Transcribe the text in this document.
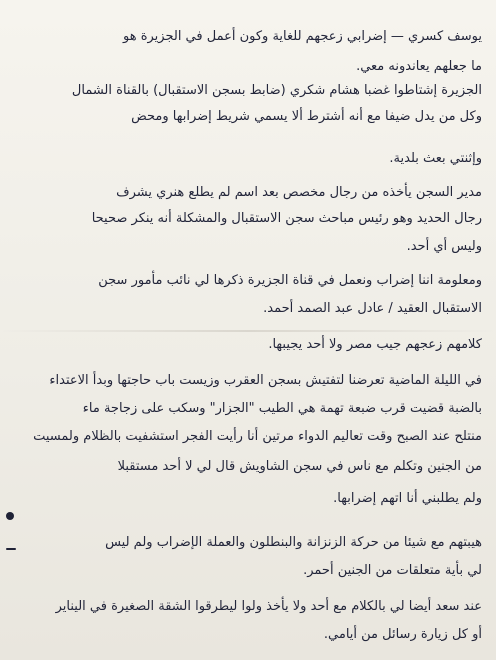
يوسف كسري — إضرابي زعجهم للغاية وكون أعمل في الجزيرة هو
ما جعلهم يعاندونه معي.
الجزيرة إشتاطوا غضبا هشام شكري (ضابط بسجن الاستقبال) بالقناة الشمال
وكل من يدل ضيفا مع أنه أشترط ألا يسمي شريط إضرابها ومحض
وإثنتي بعث بلدية.
مدير السجن يأخذه من رجال مخصص بعد اسم لم يطلع هنري يشرف
رجال الحديد وهو رئيس مباحث سجن الاستقبال والمشكلة أنه ينكر صحيحا
وليس أي أحد.
ومعلومة اننا إضراب ونعمل في قناة الجزيرة ذكرها لي نائب مأمور سجن
الاستقبال العقيد / عادل عبد الصمد أحمد.
كلامهم زعجهم جيب مصر ولا أحد يجيبها.
في الليلة الماضية تعرضنا لتفتيش بسجن العقرب وزيست باب حاجتها وبدأ الاعتداء
بالضبة قضيت قرب ضبعة تهمة هي الطيب "الجزار" وسكب على زجاجة ماء
منتلح عند الصبح وقت تعاليم الدواء مرتين أنا رأيت الفجر استشفيت بالظلام ولمسيت
من الجنين وتكلم مع ناس في سجن الشاويش قال لي لا أحد مستقبلا
ولم يطلبني أنا اتهم إضرابها.
هيبتهم مع شيئا من حركة الزنزانة والبنطلون والعملة الإضراب ولم ليس
لي بأية متعلقات من الجنين أحمر.
عند سعد أيضا لي بالكلام مع أحد ولا يأخذ ولوا ليطرقوا الشقة الصغيرة في اليناير
أو كل زيارة رسائل من أيامي.
